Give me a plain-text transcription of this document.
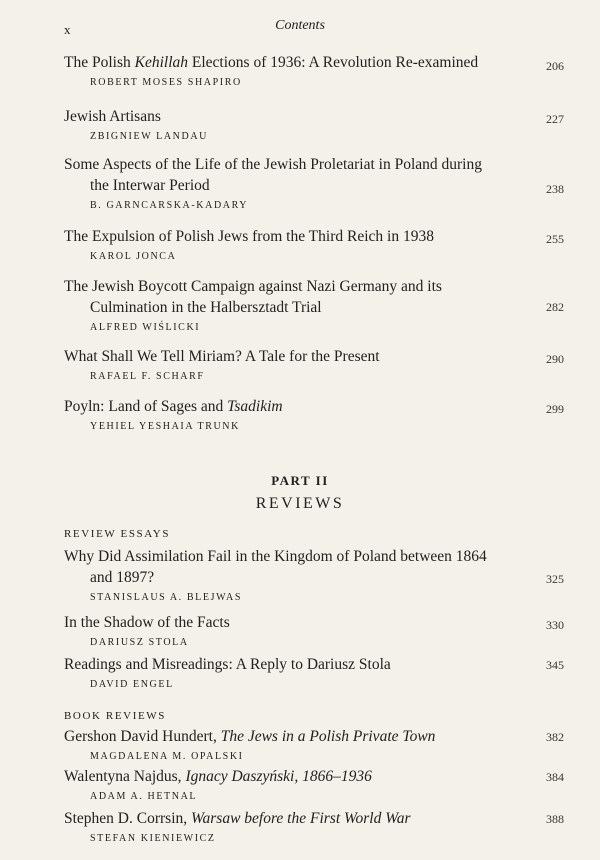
x	Contents
The Polish Kehillah Elections of 1936: A Revolution Re-examined
ROBERT MOSES SHAPIRO
206
Jewish Artisans
ZBIGNIEW LANDAU
227
Some Aspects of the Life of the Jewish Proletariat in Poland during
the Interwar Period
B. GARNCARSKA-KADARY
238
The Expulsion of Polish Jews from the Third Reich in 1938
KAROL JONCA
255
The Jewish Boycott Campaign against Nazi Germany and its
Culmination in the Halbersztadt Trial
ALFRED WIŚLICKI
282
What Shall We Tell Miriam? A Tale for the Present
RAFAEL F. SCHARF
290
Poyln: Land of Sages and Tsadikim
YEHIEL YESHAIA TRUNK
299
PART II
REVIEWS
REVIEW ESSAYS
Why Did Assimilation Fail in the Kingdom of Poland between 1864
and 1897?
STANISLAUS A. BLEJWAS
325
In the Shadow of the Facts
DARIUSZ STOLA
330
Readings and Misreadings: A Reply to Dariusz Stola
DAVID ENGEL
345
BOOK REVIEWS
Gershon David Hundert, The Jews in a Polish Private Town
MAGDALENA M. OPALSKI
382
Walentyna Najdus, Ignacy Daszyński, 1866–1936
ADAM A. HETNAL
384
Stephen D. Corrsin, Warsaw before the First World War
STEFAN KIENIEWICZ
388
